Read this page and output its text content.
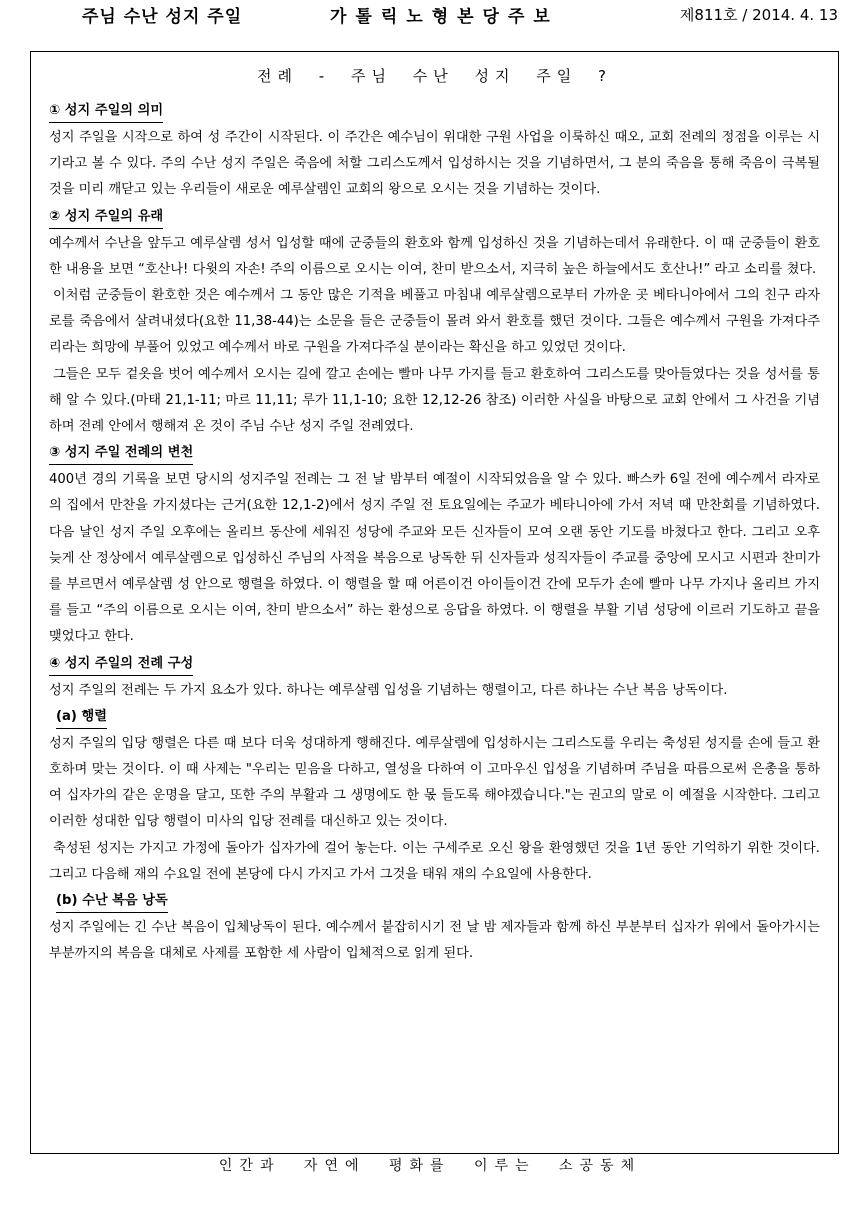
주님 수난 성지 주일	가톨릭노형본당주보	제811호 / 2014. 4. 13
전례 - 주님 수난 성지 주일 ?
① 성지 주일의 의미

성지 주일을 시작으로 하여 성 주간이 시작된다. 이 주간은 예수님이 위대한 구원 사업을 이룩하신 때오, 교회 전례의 정점을 이루는 시기라고 볼 수 있다. 주의 수난 성지 주일은 죽음에 처할 그리스도께서 입성하시는 것을 기념하면서, 그 분의 죽음을 통해 죽음이 극복될 것을 미리 깨닫고 있는 우리들이 새로운 예루살렘인 교회의 왕으로 오시는 것을 기념하는 것이다.

② 성지 주일의 유래

예수께서 수난을 앞두고 예루살렘 성서 입성할 때에 군중들의 환호와 함께 입성하신 것을 기념하는데서 유래한다. 이 때 군중들이 환호한 내용을 보면 “호산나! 다윗의 자손! 주의 이름으로 오시는 이여, 찬미 받으소서, 지극히 높은 하늘에서도 호산나!” 라고 소리를 쳤다.

이처럼 군중들이 환호한 것은 예수께서 그 동안 많은 기적을 베풀고 마침내 예루살렘으로부터 가까운 곳 베타니아에서 그의 친구 라자로를 죽음에서 살려내셨다(요한 11,38-44)는 소문을 들은 군중들이 몰려 와서 환호를 했던 것이다. 그들은 예수께서 구원을 가져다주리라는 희망에 부풀어 있었고 예수께서 바로 구원을 가져다주실 분이라는 확신을 하고 있었던 것이다.

그들은 모두 겉옷을 벗어 예수께서 오시는 길에 깔고 손에는 빨마 나무 가지를 들고 환호하여 그리스도를 맞아들였다는 것을 성서를 통해 알 수 있다.(마태 21,1-11; 마르 11,11; 루가 11,1-10; 요한 12,12-26 참조) 이러한 사실을 바탕으로 교회 안에서 그 사건을 기념하며 전례 안에서 행해져 온 것이 주님 수난 성지 주일 전례였다.

③ 성지 주일 전례의 변천

400년 경의 기록을 보면 당시의 성지주일 전례는 그 전 날 밤부터 예절이 시작되었음을 알 수 있다. 빠스카 6일 전에 예수께서 라자로의 집에서 만찬을 가지셨다는 근거(요한 12,1-2)에서 성지 주일 전 토요일에는 주교가 베타니아에 가서 저녁 때 만찬회를 기념하였다. 다음 날인 성지 주일 오후에는 올리브 동산에 세워진 성당에 주교와 모든 신자들이 모여 오랜 동안 기도를 바쳤다고 한다. 그리고 오후 늦게 산 정상에서 예루살렘으로 입성하신 주님의 사적을 복음으로 낭독한 뒤 신자들과 성직자들이 주교를 중앙에 모시고 시편과 찬미가를 부르면서 예루살렘 성 안으로 행렬을 하였다. 이 행렬을 할 때 어른이건 아이들이건 간에 모두가 손에 빨마 나무 가지나 올리브 가지를 들고 “주의 이름으로 오시는 이여, 찬미 받으소서” 하는 환성으로 응답을 하였다. 이 행렬을 부활 기념 성당에 이르러 기도하고 끝을 맺었다고 한다.

④ 성지 주일의 전례 구성

성지 주일의 전례는 두 가지 요소가 있다. 하나는 예루살렘 입성을 기념하는 행렬이고, 다른 하나는 수난 복음 낭독이다.

(a) 행렬

성지 주일의 입당 행렬은 다른 때 보다 더욱 성대하게 행해진다. 예루살렘에 입성하시는 그리스도를 우리는 축성된 성지를 손에 들고 환호하며 맞는 것이다. 이 때 사제는 "우리는 믿음을 다하고, 열성을 다하여 이 고마우신 입성을 기념하며 주님을 따름으로써 은총을 통하여 십자가의 같은 운명을 달고, 또한 주의 부활과 그 생명에도 한 몫 들도록 해야겠습니다."는 권고의 말로 이 예절을 시작한다. 그리고 이러한 성대한 입당 행렬이 미사의 입당 전례를 대신하고 있는 것이다.

축성된 성지는 가지고 가정에 돌아가 십자가에 걸어 놓는다. 이는 구세주로 오신 왕을 환영했던 것을 1년 동안 기억하기 위한 것이다. 그리고 다음해 재의 수요일 전에 본당에 다시 가지고 가서 그것을 태워 재의 수요일에 사용한다.

(b) 수난 복음 낭독

성지 주일에는 긴 수난 복음이 입체낭독이 된다. 예수께서 붙잡히시기 전 날 밤 제자들과 함께 하신 부분부터 십자가 위에서 돌아가시는 부분까지의 복음을 대체로 사제를 포함한 세 사람이 입체적으로 읽게 된다.

인간과 자연에 평화를 이루는 소공동체
